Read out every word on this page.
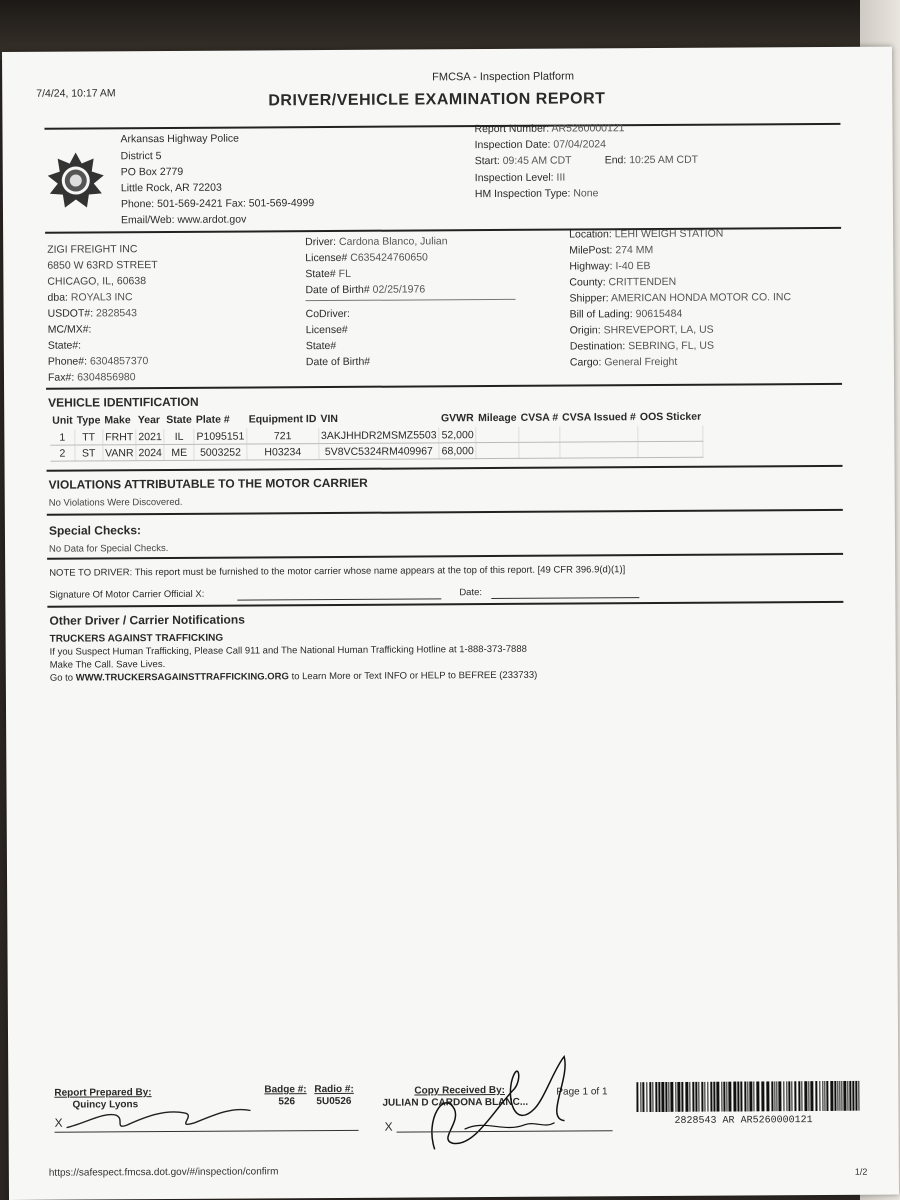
7/4/24, 10:17 AM
FMCSA - Inspection Platform
DRIVER/VEHICLE EXAMINATION REPORT
Arkansas Highway Police
District 5
PO Box 2779
Little Rock, AR 72203
Phone: 501-569-2421 Fax: 501-569-4999
Email/Web: www.ardot.gov
Report Number: AR5260000121
Inspection Date: 07/04/2024
Start: 09:45 AM CDT	End: 10:25 AM CDT
Inspection Level: III
HM Inspection Type: None
ZIGI FREIGHT INC
6850 W 63RD STREET
CHICAGO, IL, 60638
dba: ROYAL3 INC
USDOT#: 2828543
MC/MX#:
State#:
Phone#: 6304857370
Fax#: 6304856980
Driver: Cardona Blanco, Julian
License# C635424760650
State# FL
Date of Birth# 02/25/1976
CoDriver:
License#
State#
Date of Birth#
Location: LEHI WEIGH STATION
MilePost: 274 MM
Highway: I-40 EB
County: CRITTENDEN
Shipper: AMERICAN HONDA MOTOR CO. INC
Bill of Lading: 90615484
Origin: SHREVEPORT, LA, US
Destination: SEBRING, FL, US
Cargo: General Freight
VEHICLE IDENTIFICATION
Unit	Type	Make	Year	State	Plate #	Equipment ID	VIN	GVWR	Mileage	CVSA #	CVSA Issued #	OOS Sticker
1	TT	FRHT	2021	IL	P1095151	721	3AKJHHDR2MSMZ5503	52,000				
2	ST	VANR	2024	ME	5003252	H03234	5V8VC5324RM409967	68,000				
VIOLATIONS ATTRIBUTABLE TO THE MOTOR CARRIER
No Violations Were Discovered.
Special Checks:
No Data for Special Checks.
NOTE TO DRIVER: This report must be furnished to the motor carrier whose name appears at the top of this report. [49 CFR 396.9(d)(1)]
Signature Of Motor Carrier Official X:	Date:
Other Driver / Carrier Notifications
TRUCKERS AGAINST TRAFFICKING
If you Suspect Human Trafficking, Please Call 911 and The National Human Trafficking Hotline at 1-888-373-7888
Make The Call. Save Lives.
Go to WWW.TRUCKERSAGAINSTTRAFFICKING.ORG to Learn More or Text INFO or HELP to BEFREE (233733)
Report Prepared By:
Quincy Lyons
X
Badge #:
526
Radio #:
5U0526
Copy Received By:
JULIAN D CARDONA BLANC...
Page 1 of 1
X	2828543 AR AR5260000121
https://safespect.fmcsa.dot.gov/#/inspection/confirm	1/2
